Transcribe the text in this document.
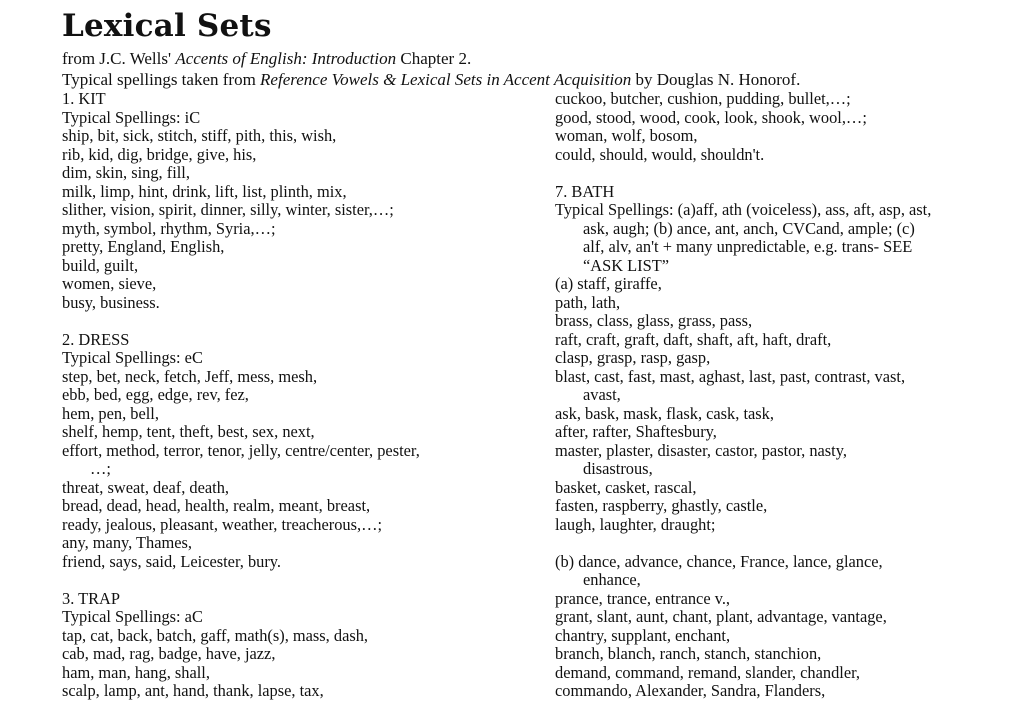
Lexical Sets
from J.C. Wells' Accents of English: Introduction Chapter 2.
Typical spellings taken from Reference Vowels & Lexical Sets in Accent Acquisition by Douglas N. Honorof.
1. KIT
Typical Spellings: iC
ship, bit, sick, stitch, stiff, pith, this, wish,
rib, kid, dig, bridge, give, his,
dim, skin, sing, fill,
milk, limp, hint, drink, lift, list, plinth, mix,
slither, vision, spirit, dinner, silly, winter, sister,…;
myth, symbol, rhythm, Syria,…;
pretty, England, English,
build, guilt,
women, sieve,
busy, business.
2. DRESS
Typical Spellings: eC
step, bet, neck, fetch, Jeff, mess, mesh,
ebb, bed, egg, edge, rev, fez,
hem, pen, bell,
shelf, hemp, tent, theft, best, sex, next,
effort, method, terror, tenor, jelly, centre/center, pester,
…;
threat, sweat, deaf, death,
bread, dead, head, health, realm, meant, breast,
ready, jealous, pleasant, weather, treacherous,…;
any, many, Thames,
friend, says, said, Leicester, bury.
3. TRAP
Typical Spellings: aC
tap, cat, back, batch, gaff, math(s), mass, dash,
cab, mad, rag, badge, have, jazz,
ham, man, hang, shall,
scalp, lamp, ant, hand, thank, lapse, tax,
cuckoo, butcher, cushion, pudding, bullet,…;
good, stood, wood, cook, look, shook, wool,…;
woman, wolf, bosom,
could, should, would, shouldn't.
7. BATH
Typical Spellings: (a)aff, ath (voiceless), ass, aft, asp, ast,
ask, augh; (b) ance, ant, anch, CVCand, ample; (c)
alf, alv, an't + many unpredictable, e.g. trans- SEE
“ASK LIST”
(a) staff, giraffe,
path, lath,
brass, class, glass, grass, pass,
raft, craft, graft, daft, shaft, aft, haft, draft,
clasp, grasp, rasp, gasp,
blast, cast, fast, mast, aghast, last, past, contrast, vast,
avast,
ask, bask, mask, flask, cask, task,
after, rafter, Shaftesbury,
master, plaster, disaster, castor, pastor, nasty,
disastrous,
basket, casket, rascal,
fasten, raspberry, ghastly, castle,
laugh, laughter, draught;
(b) dance, advance, chance, France, lance, glance,
enhance,
prance, trance, entrance v.,
grant, slant, aunt, chant, plant, advantage, vantage,
chantry, supplant, enchant,
branch, blanch, ranch, stanch, stanchion,
demand, command, remand, slander, chandler,
commando, Alexander, Sandra, Flanders,
